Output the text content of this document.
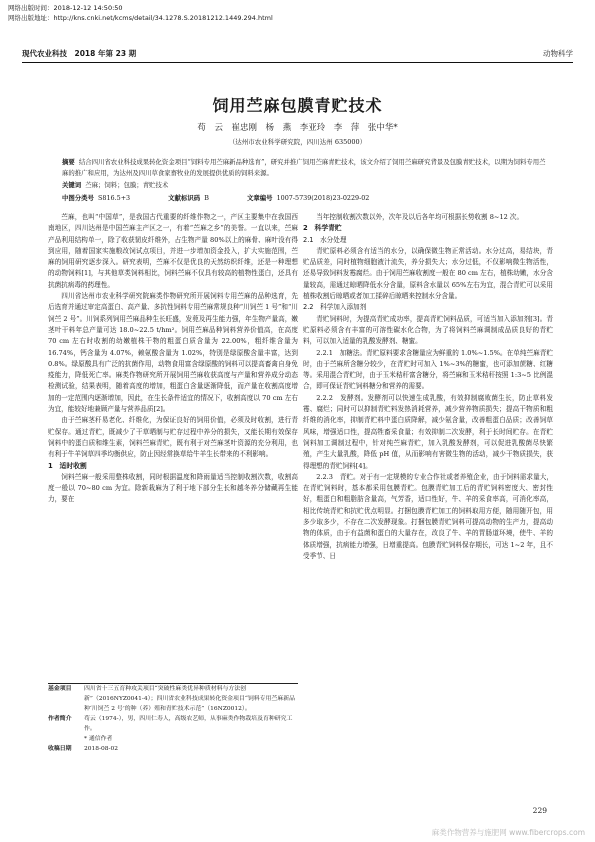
网络出版时间：2018-12-12 14:50:50
网络出版地址：http://kns.cnki.net/kcms/detail/34.1278.S.20181212.1449.294.html
现代农业科技　2018 年第 23 期	动物科学
饲用苎麻包膜青贮技术
苟 云　崔忠刚　杨 燕　李亚玲　李 萍　张中华*
（达州市农业科学研究院，四川达州 635000）
摘要 结合四川省农业科技成果转化资金项目“饲料专用苎麻新品种选育”，研究并推广饲用苎麻青贮技术，该文介绍了饲用苎麻研究背景及包膜青贮技术，以期为饲料专用苎麻的推广和应用，为达州及四川草食家畜牧业的发展提供优质的饲料来源。
关键词 苎麻；饲料；包膜；青贮技术
中图分类号 S816.5+3	文献标识码 B	文章编号 1007-5739(2018)23-0229-02

苎麻，也叫“中国草”，是我国古代重要的纤维作物之一，产区主要集中在我国西南地区，四川达州是中国苎麻主产区之一，有着“苎麻之乡”的美誉。一直以来，苎麻产品利用结构单一，除了收获韧皮纤维外，占生物产量 80%以上的麻骨、麻叶没有得到应用，随着国家实施粮改饲试点项目，并进一步增加资金投入，扩大实施范围，苎麻的饲用研究逐步深入。研究表明，苎麻不仅是优良的天然纺织纤维，还是一种理想的动物饲料[1]，与其他草类饲料相比，饲料苎麻不仅具有较高的植物性蛋白，还具有抗菌抗病毒的药理性。

四川省达州市农业科学研究院麻类作物研究所开展饲料专用苎麻的品种选育，先后选育并通过审定高蛋白、高产量、多抗性饲料专用苎麻常规良种“川饲苎 1 号”和“川饲苎 2 号”。川饲系列饲用苎麻品种生长旺盛，发蔸及再生能力强，年生物产量高，嫩茎叶干料年总产量可达 18.0~22.5 t/hm²。饲用苎麻品种饲料营养价值高，在高度 70 cm 左右时收割的幼嫩植株干物的粗蛋白质含量为 22.00%，粗纤维含量为 16.74%，钙含量为 4.07%，赖氨酸含量为 1.02%，特别是绿原酸含量丰富，达到 0.8%。绿原酸具有广泛的抗菌作用，动物食用富含绿原酸的饲料可以提高畜禽自身免疫能力，降低死亡率。麻类作物研究所开展饲用苎麻收获高度与产量和营养成分动态检测试验，结果表明，随着高度的增加，粗蛋白含量逐渐降低，而产量在收割高度增加的一定范围内逐渐增加，因此，在生长条件适宜的情况下，收割高度以 70 cm 左右为宜，能较好地兼顾产量与营养品质[2]。

由于苎麻茎秆易老化、纤维化，为保证良好的饲用价值，必须及时收割，进行青贮保存。通过青贮，既减少了干草晒制与贮存过程中养分的损失，又能长期有效保存饲料中的蛋白质和维生素，饲料苎麻青贮，既有利于对苎麻茎叶资源的充分利用，也有利于牛羊饲草四季均衡供应，防止因经常换草给牛羊生长带来的不利影响。

1　适时收割

饲料苎麻一般采用整株收割，同时根据温度和降雨量适当控制收割次数，收割高度一般以 70~80 cm 为宜。除新栽麻为了利于地下部分生长和越冬养分储藏再生能力，要在

基金项目	四川省十三五育种攻关项目“突破性麻类优异种质材料与方法创新”（2016NYZ0041-4）；四川省农业科技成果转化资金项目“饲料专用苎麻新品种‘川饲苎 2 号’的种（养）殖和青贮技术示范”（16NZ0012）。
作者简介	苟云（1974-），男，四川仁寿人，高级农艺师，从事麻类作物栽培及育种研究工作。
* 通信作者
收稿日期	2018-08-02

当年控制收割次数以外，次年及以后各年均可根据长势收割 8~12 次。

2　科学青贮
2.1　水分处理

青贮原料必须含有适当的水分，以确保微生物正常活动。水分过高，易结块，青贮品质差，同时植物细胞液汁流失，养分损失大；水分过低，不仅影响微生物活性，还易导致饲料发霉腐烂。由于饲用苎麻收割度一般在 80 cm 左右，植株幼嫩，水分含量较高，需通过晾晒降低水分含量，原料含水量以 65%左右为宜，混合青贮可以采用植株收割后晾晒或者加工揉碎后晾晒来控制水分含量。

2.2　科学加入添加剂

青贮饲料时，为提高青贮成功率，提高青贮饲料品质，可适当加入添加剂[3]。青贮原料必须含有丰富的可溶性碳水化合物，为了将饲料苎麻调制成品质良好的青贮料，可以加入适量的乳酸发酵剂、糖蜜。

2.2.1　加糖法。青贮原料要求含糖量应为鲜重的 1.0%~1.5%。在单纯苎麻青贮时，由于苎麻所含糖分较少，在青贮时可加入 1%~3%的糖蜜，也可添加蔗糖、红糖等。采用混合青贮时，由于玉米秸秆富含糖分，将苎麻和玉米秸秆按照 1:3~5 比例混合，即可保证青贮饲料糖分和营养的需要。

2.2.2　发酵剂。发酵剂可以快速生成乳酸，有效抑制腐败菌生长，防止草料发霉、腐烂；同时可以抑制青贮料发热消耗营养，减少营养物质损失；提高干物质和粗纤维的消化率，抑制青贮料中蛋白质降解，减少氨含量，改善粗蛋白品质；改善饲草风味，增强适口性，提高牲畜采食量；有效抑制二次发酵，利于长时间贮存。在青贮饲料加工调制过程中，针对纯苎麻青贮，加入乳酸发酵剂，可以促进乳酸菌尽快繁殖，产生大量乳酸，降低 pH 值，从而影响有害微生物的活动，减少干物质损失，获得理想的青贮饲料[4]。

2.2.3　青贮。对于有一定规模的专业合作社或者养殖企业，由于饲料需求量大，在青贮饲料时，基本都采用包膜青贮。包膜青贮加工后的青贮饲料密度大、密封性好，粗蛋白和粗脂肪含量高，气芳香，适口性好，牛、羊的采食率高，可消化率高，相比传统青贮和抗贮优点明显。打捆包膜青贮加工的饲料取用方便，随用随开包，用多少取多少，不存在二次发酵现象。打捆包膜青贮饲料可提高动物的生产力，提高动物的体质，由于有益菌和蛋白的大量存在，改良了牛、羊的胃肠道环境，使牛、羊的体质增强，抗病能力增强，日增重提高。包膜青贮饲料保存期长，可达 1~2 年，且不受季节、日

229
麻类作物营养与施肥网 www.fibercrops.com
